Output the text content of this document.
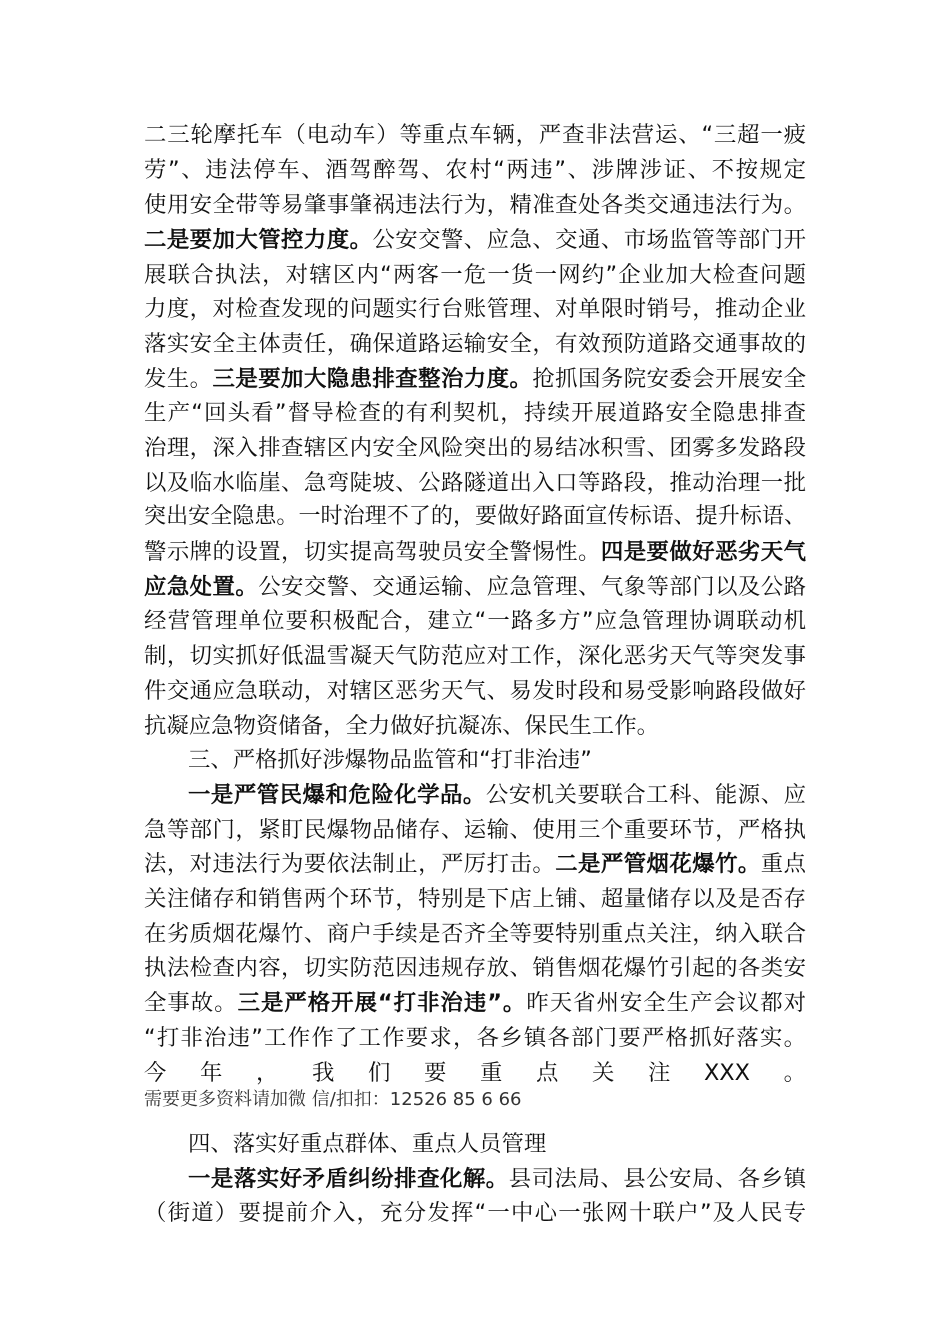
二三轮摩托车（电动车）等重点车辆，严查非法营运、“三超一疲
劳”、违法停车、酒驾醉驾、农村“两违”、涉牌涉证、不按规定
使用安全带等易肇事肇祸违法行为，精准查处各类交通违法行为。
二是要加大管控力度。公安交警、应急、交通、市场监管等部门开
展联合执法，对辖区内“两客一危一货一网约”企业加大检查问题
力度，对检查发现的问题实行台账管理、对单限时销号，推动企业
落实安全主体责任，确保道路运输安全，有效预防道路交通事故的
发生。三是要加大隐患排查整治力度。抢抓国务院安委会开展安全
生产“回头看”督导检查的有利契机，持续开展道路安全隐患排查
治理，深入排查辖区内安全风险突出的易结冰积雪、团雾多发路段
以及临水临崖、急弯陡坡、公路隧道出入口等路段，推动治理一批
突出安全隐患。一时治理不了的，要做好路面宣传标语、提升标语、
警示牌的设置，切实提高驾驶员安全警惕性。四是要做好恶劣天气
应急处置。公安交警、交通运输、应急管理、气象等部门以及公路
经营管理单位要积极配合，建立“一路多方”应急管理协调联动机
制，切实抓好低温雪凝天气防范应对工作，深化恶劣天气等突发事
件交通应急联动，对辖区恶劣天气、易发时段和易受影响路段做好
抗凝应急物资储备，全力做好抗凝冻、保民生工作。
三、严格抓好涉爆物品监管和“打非治违”
一是严管民爆和危险化学品。公安机关要联合工科、能源、应
急等部门，紧盯民爆物品储存、运输、使用三个重要环节，严格执
法，对违法行为要依法制止，严厉打击。二是严管烟花爆竹。重点
关注储存和销售两个环节，特别是下店上铺、超量储存以及是否存
在劣质烟花爆竹、商户手续是否齐全等要特别重点关注，纳入联合
执法检查内容，切实防范因违规存放、销售烟花爆竹引起的各类安
全事故。三是严格开展“打非治违”。昨天省州安全生产会议都对
“打非治违”工作作了工作要求，各乡镇各部门要严格抓好落实。
今年，我们要重点关注XXX。
需要更多资料请加微 信/扣扣：12526 85 6 66
四、落实好重点群体、重点人员管理
一是落实好矛盾纠纷排查化解。县司法局、县公安局、各乡镇
（街道）要提前介入，充分发挥“一中心一张网十联户”及人民专
